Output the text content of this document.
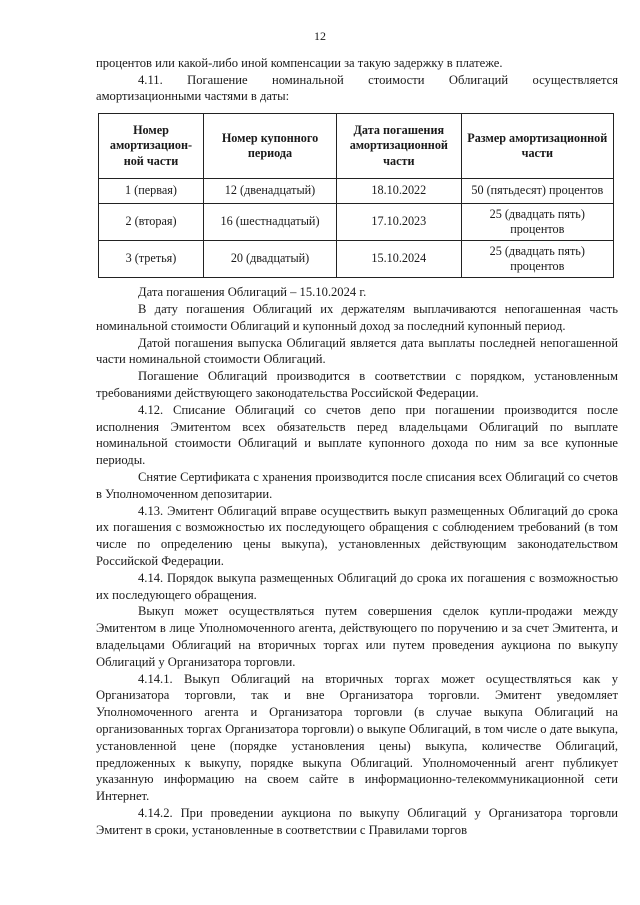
12

процентов или какой-либо иной компенсации за такую задержку в платеже.

4.11. Погашение номинальной стоимости Облигаций осуществляется амортизационными частями в даты:

Номер амортизацион-ной части	Номер купонного периода	Дата погашения амортизационной части	Размер амортизационной части
1 (первая)	12 (двенадцатый)	18.10.2022	50 (пятьдесят) процентов
2 (вторая)	16 (шестнадцатый)	17.10.2023	25 (двадцать пять) процентов
3 (третья)	20 (двадцатый)	15.10.2024	25 (двадцать пять) процентов

Дата погашения Облигаций – 15.10.2024 г.

В дату погашения Облигаций их держателям выплачиваются непогашенная часть номинальной стоимости Облигаций и купонный доход за последний купонный период.

Датой погашения выпуска Облигаций является дата выплаты последней непогашенной части номинальной стоимости Облигаций.

Погашение Облигаций производится в соответствии с порядком, установленным требованиями действующего законодательства Российской Федерации.

4.12. Списание Облигаций со счетов депо при погашении производится после исполнения Эмитентом всех обязательств перед владельцами Облигаций по выплате номинальной стоимости Облигаций и выплате купонного дохода по ним за все купонные периоды.

Снятие Сертификата с хранения производится после списания всех Облигаций со счетов в Уполномоченном депозитарии.

4.13. Эмитент Облигаций вправе осуществить выкуп размещенных Облигаций до срока их погашения с возможностью их последующего обращения с соблюдением требований (в том числе по определению цены выкупа), установленных действующим законодательством Российской Федерации.

4.14. Порядок выкупа размещенных Облигаций до срока их погашения с возможностью их последующего обращения.

Выкуп может осуществляться путем совершения сделок купли-продажи между Эмитентом в лице Уполномоченного агента, действующего по поручению и за счет Эмитента, и владельцами Облигаций на вторичных торгах или путем проведения аукциона по выкупу Облигаций у Организатора торговли.

4.14.1. Выкуп Облигаций на вторичных торгах может осуществляться как у Организатора торговли, так и вне Организатора торговли. Эмитент уведомляет Уполномоченного агента и Организатора торговли (в случае выкупа Облигаций на организованных торгах Организатора торговли) о выкупе Облигаций, в том числе о дате выкупа, установленной цене (порядке установления цены) выкупа, количестве Облигаций, предложенных к выкупу, порядке выкупа Облигаций. Уполномоченный агент публикует указанную информацию на своем сайте в информационно-телекоммуникационной сети Интернет.

4.14.2. При проведении аукциона по выкупу Облигаций у Организатора торговли Эмитент в сроки, установленные в соответствии с Правилами торгов
